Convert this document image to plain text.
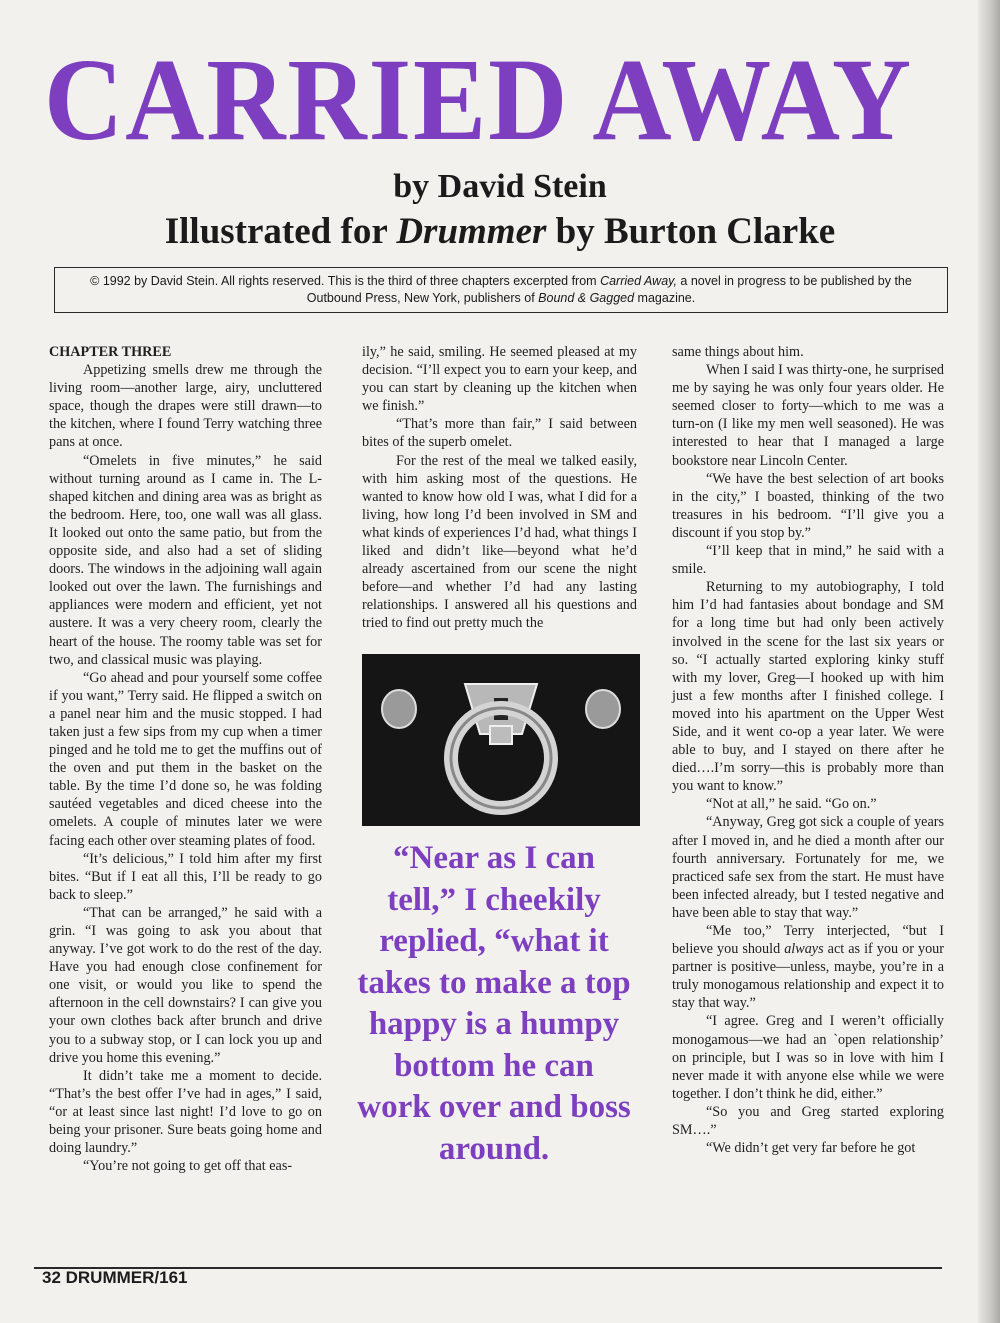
CARRIED AWAY
by David Stein
Illustrated for Drummer by Burton Clarke
© 1992 by David Stein. All rights reserved. This is the third of three chapters excerpted from Carried Away, a novel in progress to be published by the Outbound Press, New York, publishers of Bound & Gagged magazine.

CHAPTER THREE

Appetizing smells drew me through the living room—another large, airy, uncluttered space, though the drapes were still drawn—to the kitchen, where I found Terry watching three pans at once.

“Omelets in five minutes,” he said without turning around as I came in. The L-shaped kitchen and dining area was as bright as the bedroom. Here, too, one wall was all glass. It looked out onto the same patio, but from the opposite side, and also had a set of sliding doors. The windows in the adjoining wall again looked out over the lawn. The furnishings and appliances were modern and efficient, yet not austere. It was a very cheery room, clearly the heart of the house. The roomy table was set for two, and classical music was playing.

“Go ahead and pour yourself some coffee if you want,” Terry said. He flipped a switch on a panel near him and the music stopped. I had taken just a few sips from my cup when a timer pinged and he told me to get the muffins out of the oven and put them in the basket on the table. By the time I’d done so, he was folding sautéed vegetables and diced cheese into the omelets. A couple of minutes later we were facing each other over steaming plates of food.

“It’s delicious,” I told him after my first bites. “But if I eat all this, I’ll be ready to go back to sleep.”

“That can be arranged,” he said with a grin. “I was going to ask you about that anyway. I’ve got work to do the rest of the day. Have you had enough close confinement for one visit, or would you like to spend the afternoon in the cell downstairs? I can give you your own clothes back after brunch and drive you to a subway stop, or I can lock you up and drive you home this evening.”

It didn’t take me a moment to decide. “That’s the best offer I’ve had in ages,” I said, “or at least since last night! I’d love to go on being your prisoner. Sure beats going home and doing laundry.”

“You’re not going to get off that eas-

ily,” he said, smiling. He seemed pleased at my decision. “I’ll expect you to earn your keep, and you can start by cleaning up the kitchen when we finish.”

“That’s more than fair,” I said between bites of the superb omelet.

For the rest of the meal we talked easily, with him asking most of the questions. He wanted to know how old I was, what I did for a living, how long I’d been involved in SM and what kinds of experiences I’d had, what things I liked and didn’t like—beyond what he’d already ascertained from our scene the night before—and whether I’d had any lasting relationships. I answered all his questions and tried to find out pretty much the

“Near as I can tell,” I cheekily replied, “what it takes to make a top happy is a humpy bottom he can work over and boss around.

same things about him.

When I said I was thirty-one, he surprised me by saying he was only four years older. He seemed closer to forty—which to me was a turn-on (I like my men well seasoned). He was interested to hear that I managed a large bookstore near Lincoln Center.

“We have the best selection of art books in the city,” I boasted, thinking of the two treasures in his bedroom. “I’ll give you a discount if you stop by.”

“I’ll keep that in mind,” he said with a smile.

Returning to my autobiography, I told him I’d had fantasies about bondage and SM for a long time but had only been actively involved in the scene for the last six years or so. “I actually started exploring kinky stuff with my lover, Greg—I hooked up with him just a few months after I finished college. I moved into his apartment on the Upper West Side, and it went co-op a year later. We were able to buy, and I stayed on there after he died….I’m sorry—this is probably more than you want to know.”

“Not at all,” he said. “Go on.”

“Anyway, Greg got sick a couple of years after I moved in, and he died a month after our fourth anniversary. Fortunately for me, we practiced safe sex from the start. He must have been infected already, but I tested negative and have been able to stay that way.”

“Me too,” Terry interjected, “but I believe you should always act as if you or your partner is positive—unless, maybe, you’re in a truly monogamous relationship and expect it to stay that way.”

“I agree. Greg and I weren’t officially monogamous—we had an `open relationship’ on principle, but I was so in love with him I never made it with anyone else while we were together. I don’t think he did, either.”

“So you and Greg started exploring SM….”

“We didn’t get very far before he got

32 DRUMMER/161
